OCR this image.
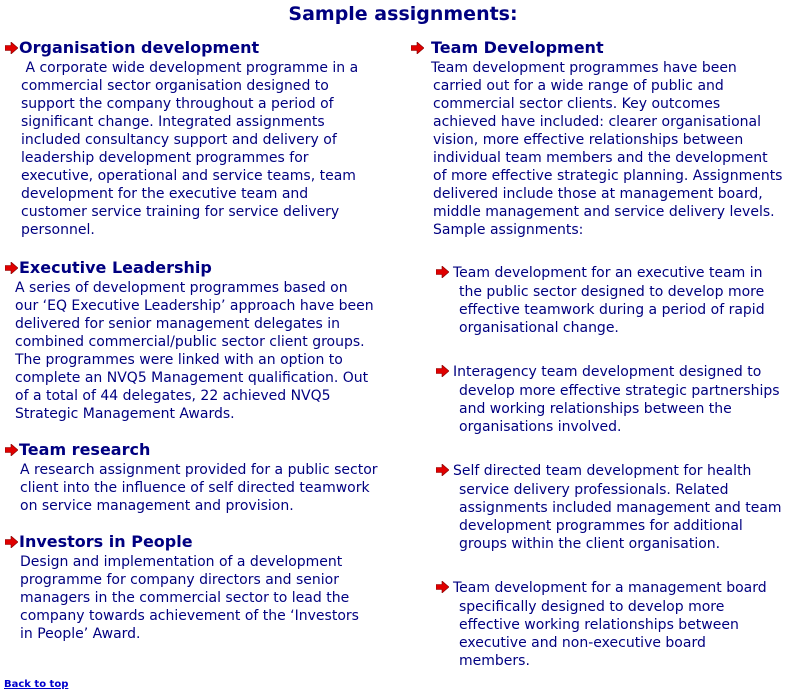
Sample assignments:
Organisation development
A corporate wide development programme in a
commercial sector organisation designed to
support the company throughout a period of
significant change. Integrated assignments
included consultancy support and delivery of
leadership development programmes for
executive, operational and service teams, team
development for the executive team and
customer service training for service delivery
personnel.
Executive Leadership
A series of development programmes based on
our ‘EQ Executive Leadership’ approach have been
delivered for senior management delegates in
combined commercial/public sector client groups.
The programmes were linked with an option to
complete an NVQ5 Management qualification. Out
of a total of 44 delegates, 22 achieved NVQ5
Strategic Management Awards.
Team research
A research assignment provided for a public sector
client into the influence of self directed teamwork
on service management and provision.
Investors in People
Design and implementation of a development
programme for company directors and senior
managers in the commercial sector to lead the
company towards achievement of the ‘Investors
in People’ Award.
Team Development
Team development programmes have been
carried out for a wide range of public and
commercial sector clients. Key outcomes
achieved have included: clearer organisational
vision, more effective relationships between
individual team members and the development
of more effective strategic planning. Assignments
delivered include those at management board,
middle management and service delivery levels.
Sample assignments:
Team development for an executive team in
the public sector designed to develop more
effective teamwork during a period of rapid
organisational change.
Interagency team development designed to
develop more effective strategic partnerships
and working relationships between the
organisations involved.
Self directed team development for health
service delivery professionals. Related
assignments included management and team
development programmes for additional
groups within the client organisation.
Team development for a management board
specifically designed to develop more
effective working relationships between
executive and non-executive board
members.
Back to top
